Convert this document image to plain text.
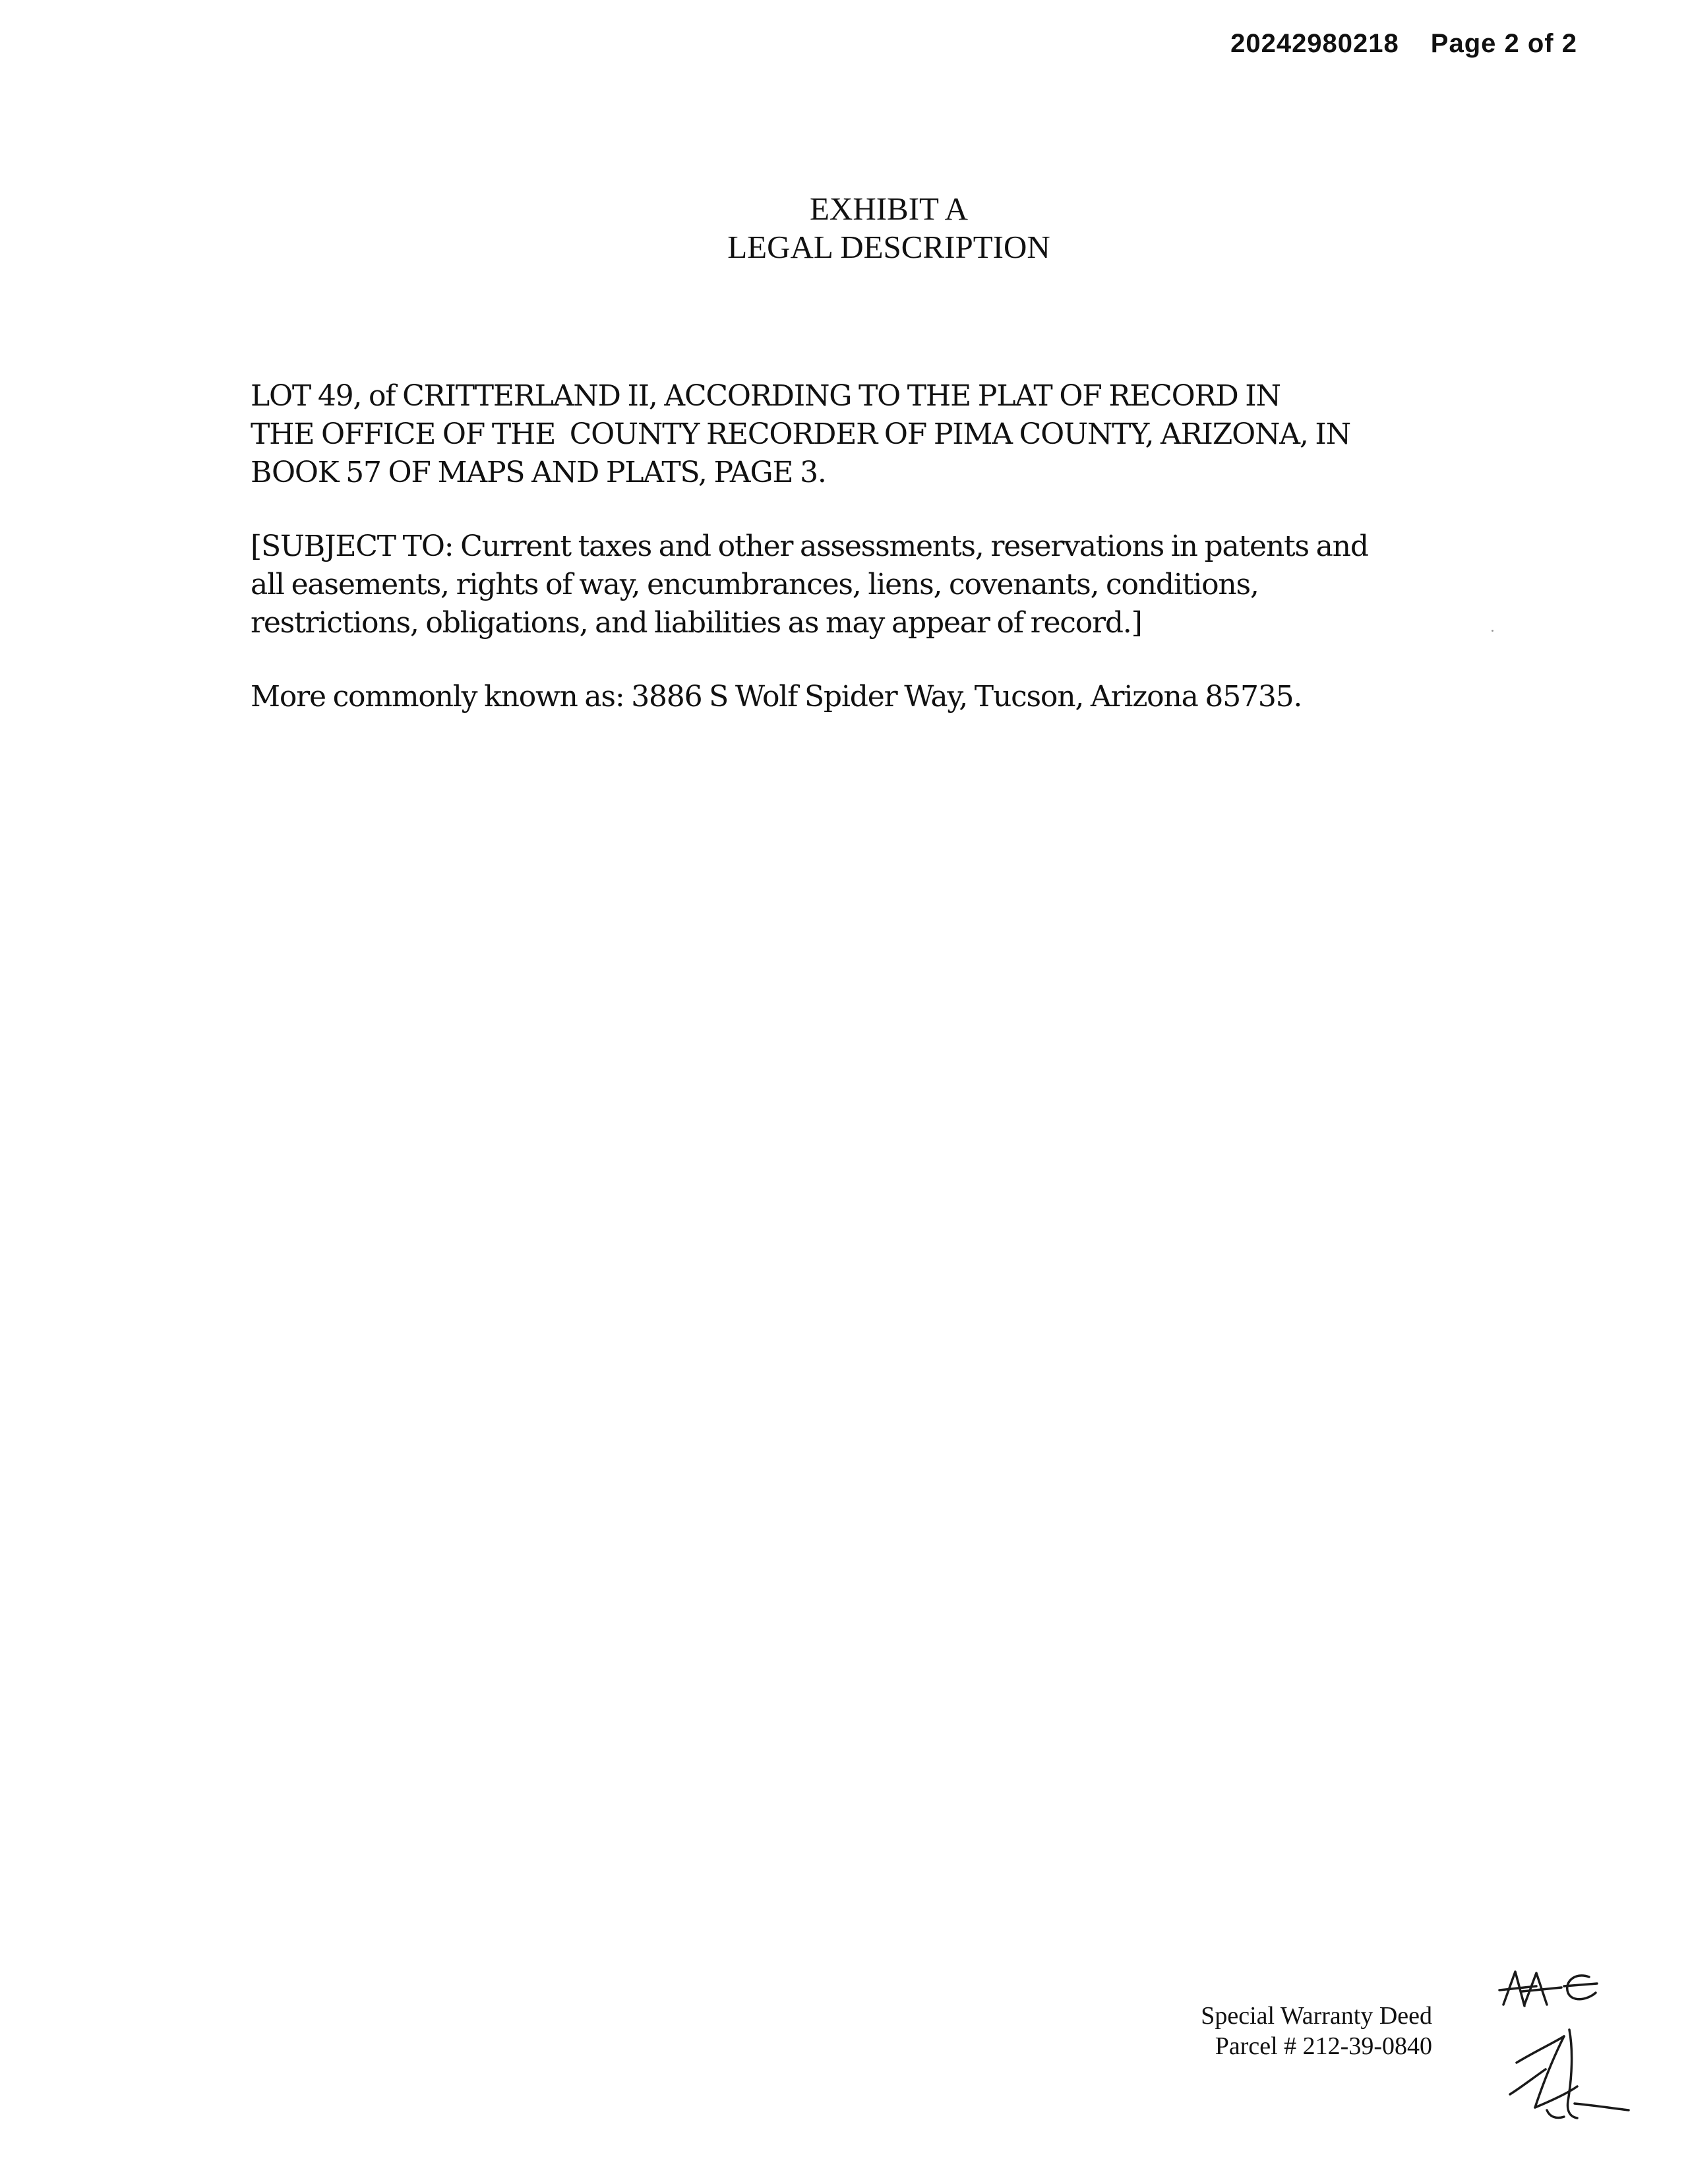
20242980218 Page 2 of 2
EXHIBIT A
LEGAL DESCRIPTION
LOT 49, of CRITTERLAND II, ACCORDING TO THE PLAT OF RECORD IN
THE OFFICE OF THE  COUNTY RECORDER OF PIMA COUNTY, ARIZONA, IN
BOOK 57 OF MAPS AND PLATS, PAGE 3.
[SUBJECT TO: Current taxes and other assessments, reservations in patents and
all easements, rights of way, encumbrances, liens, covenants, conditions,
restrictions, obligations, and liabilities as may appear of record.]
More commonly known as: 3886 S Wolf Spider Way, Tucson, Arizona 85735.
Special Warranty Deed
Parcel # 212-39-0840
